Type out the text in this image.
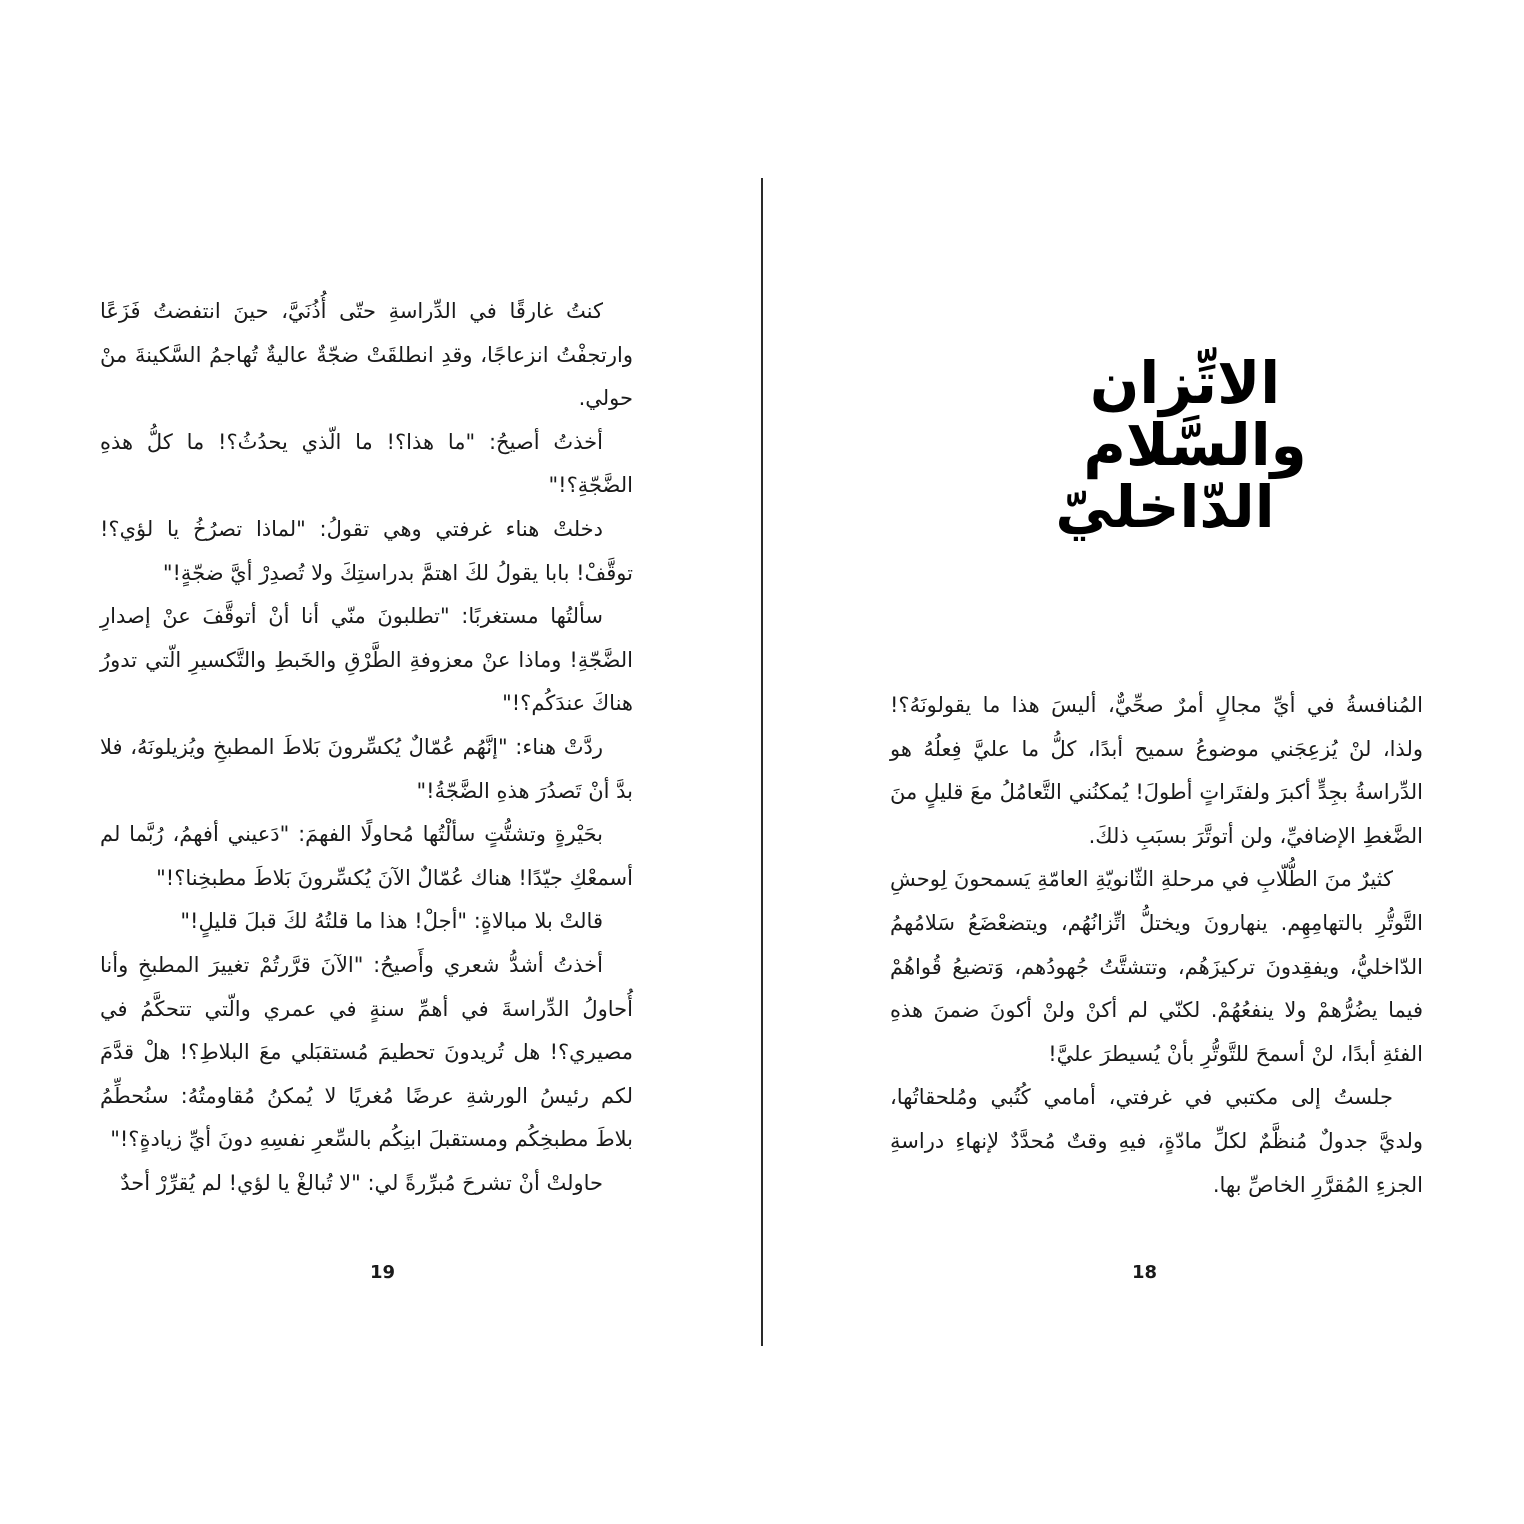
كنتُ غارقًا في الدِّراسةِ حتّى أُذُنَيَّ، حينَ انتفضتُ فَزَعًا وارتجفْتُ انزعاجًا، وقدِ انطلقَتْ ضجّةٌ عاليةٌ تُهاجمُ السَّكينةَ منْ حولي.

أخذتُ أصيحُ: "ما هذا؟! ما الّذي يحدُثُ؟! ما كلُّ هذهِ الضَّجّةِ؟!"

دخلتْ هناء غرفتي وهي تقولُ: "لماذا تصرُخُ يا لؤي؟! توقَّفْ! بابا يقولُ لكَ اهتمَّ بدراستِكَ ولا تُصدِرْ أيَّ ضجّةٍ!"

سألتُها مستغربًا: "تطلبونَ منّي أنا أنْ أتوقَّفَ عنْ إصدارِ الضَّجّةِ! وماذا عنْ معزوفةِ الطَّرْقِ والخَبطِ والتَّكسيرِ الّتي تدورُ هناكَ عندَكُم؟!"

ردَّتْ هناء: "إنَّهُم عُمّالٌ يُكسِّرونَ بَلاطَ المطبخِ ويُزيلونَهُ، فلا بدَّ أنْ تَصدُرَ هذهِ الضَّجّةُ!"

بحَيْرةٍ وتشتُّتٍ سألْتُها مُحاولًا الفهمَ: "دَعيني أفهمُ، رُبَّما لم أسمعْكِ جيّدًا! هناك عُمّالٌ الآنَ يُكسِّرونَ بَلاطَ مطبخِنا؟!"

قالتْ بلا مبالاةٍ: "أجلْ! هذا ما قلتُهُ لكَ قبلَ قليلٍ!"

أخذتُ أشدُّ شعري وأَصيحُ: "الآنَ قرَّرتُمْ تغييرَ المطبخِ وأنا أُحاولُ الدِّراسةَ في أهمِّ سنةٍ في عمري والّتي تتحكَّمُ في مصيري؟! هل تُريدونَ تحطيمَ مُستقبَلي معَ البلاطِ؟! هلْ قدَّمَ لكم رئيسُ الورشةِ عرضًا مُغريًا لا يُمكنُ مُقاومتُهُ: سنُحطِّمُ بلاطَ مطبخِكُم ومستقبلَ ابنِكُم بالسِّعرِ نفسِهِ دونَ أيِّ زيادةٍ؟!"

حاولتْ أنْ تشرحَ مُبرِّرةً لي: "لا تُبالغْ يا لؤي! لم يُقرِّرْ أحدٌ

الاتِّزان
والسَّلام
الدّاخليّ

المُنافسةُ في أيِّ مجالٍ أمرٌ صحِّيٌّ، أليسَ هذا ما يقولونَهُ؟! ولذا، لنْ يُزعِجَني موضوعُ سميح أبدًا، كلُّ ما عليَّ فِعلُهُ هو الدِّراسةُ بجِدٍّ أكبرَ ولفتَراتٍ أطولَ! يُمكنُني التَّعامُلُ معَ قليلٍ منَ الضَّغطِ الإضافيِّ، ولن أتوتَّرَ بسبَبِ ذلكَ.

كثيرٌ منَ الطُّلّابِ في مرحلةِ الثّانويّةِ العامّةِ يَسمحونَ لِوحشِ التَّوتُّرِ بالتهامِهِم. ينهارونَ ويختلُّ اتِّزانُهُم، ويتضعْضَعُ سَلامُهمُ الدّاخليُّ، ويفقِدونَ تركيزَهُم، وتتشتَّتُ جُهودُهم، وَتضيعُ قُواهُمْ فيما يضُرُّهمْ ولا ينفعُهُمْ. لكنّي لم أكنْ ولنْ أكونَ ضمنَ هذهِ الفئةِ أبدًا، لنْ أسمحَ للتَّوتُّرِ بأنْ يُسيطرَ عليَّ!

جلستُ إلى مكتبي في غرفتي، أمامي كُتُبي ومُلحقاتُها، ولديَّ جدولٌ مُنظَّمٌ لكلِّ مادّةٍ، فيهِ وقتٌ مُحدَّدٌ لإنهاءِ دراسةِ الجزءِ المُقرَّرِ الخاصِّ بها.

19	18
